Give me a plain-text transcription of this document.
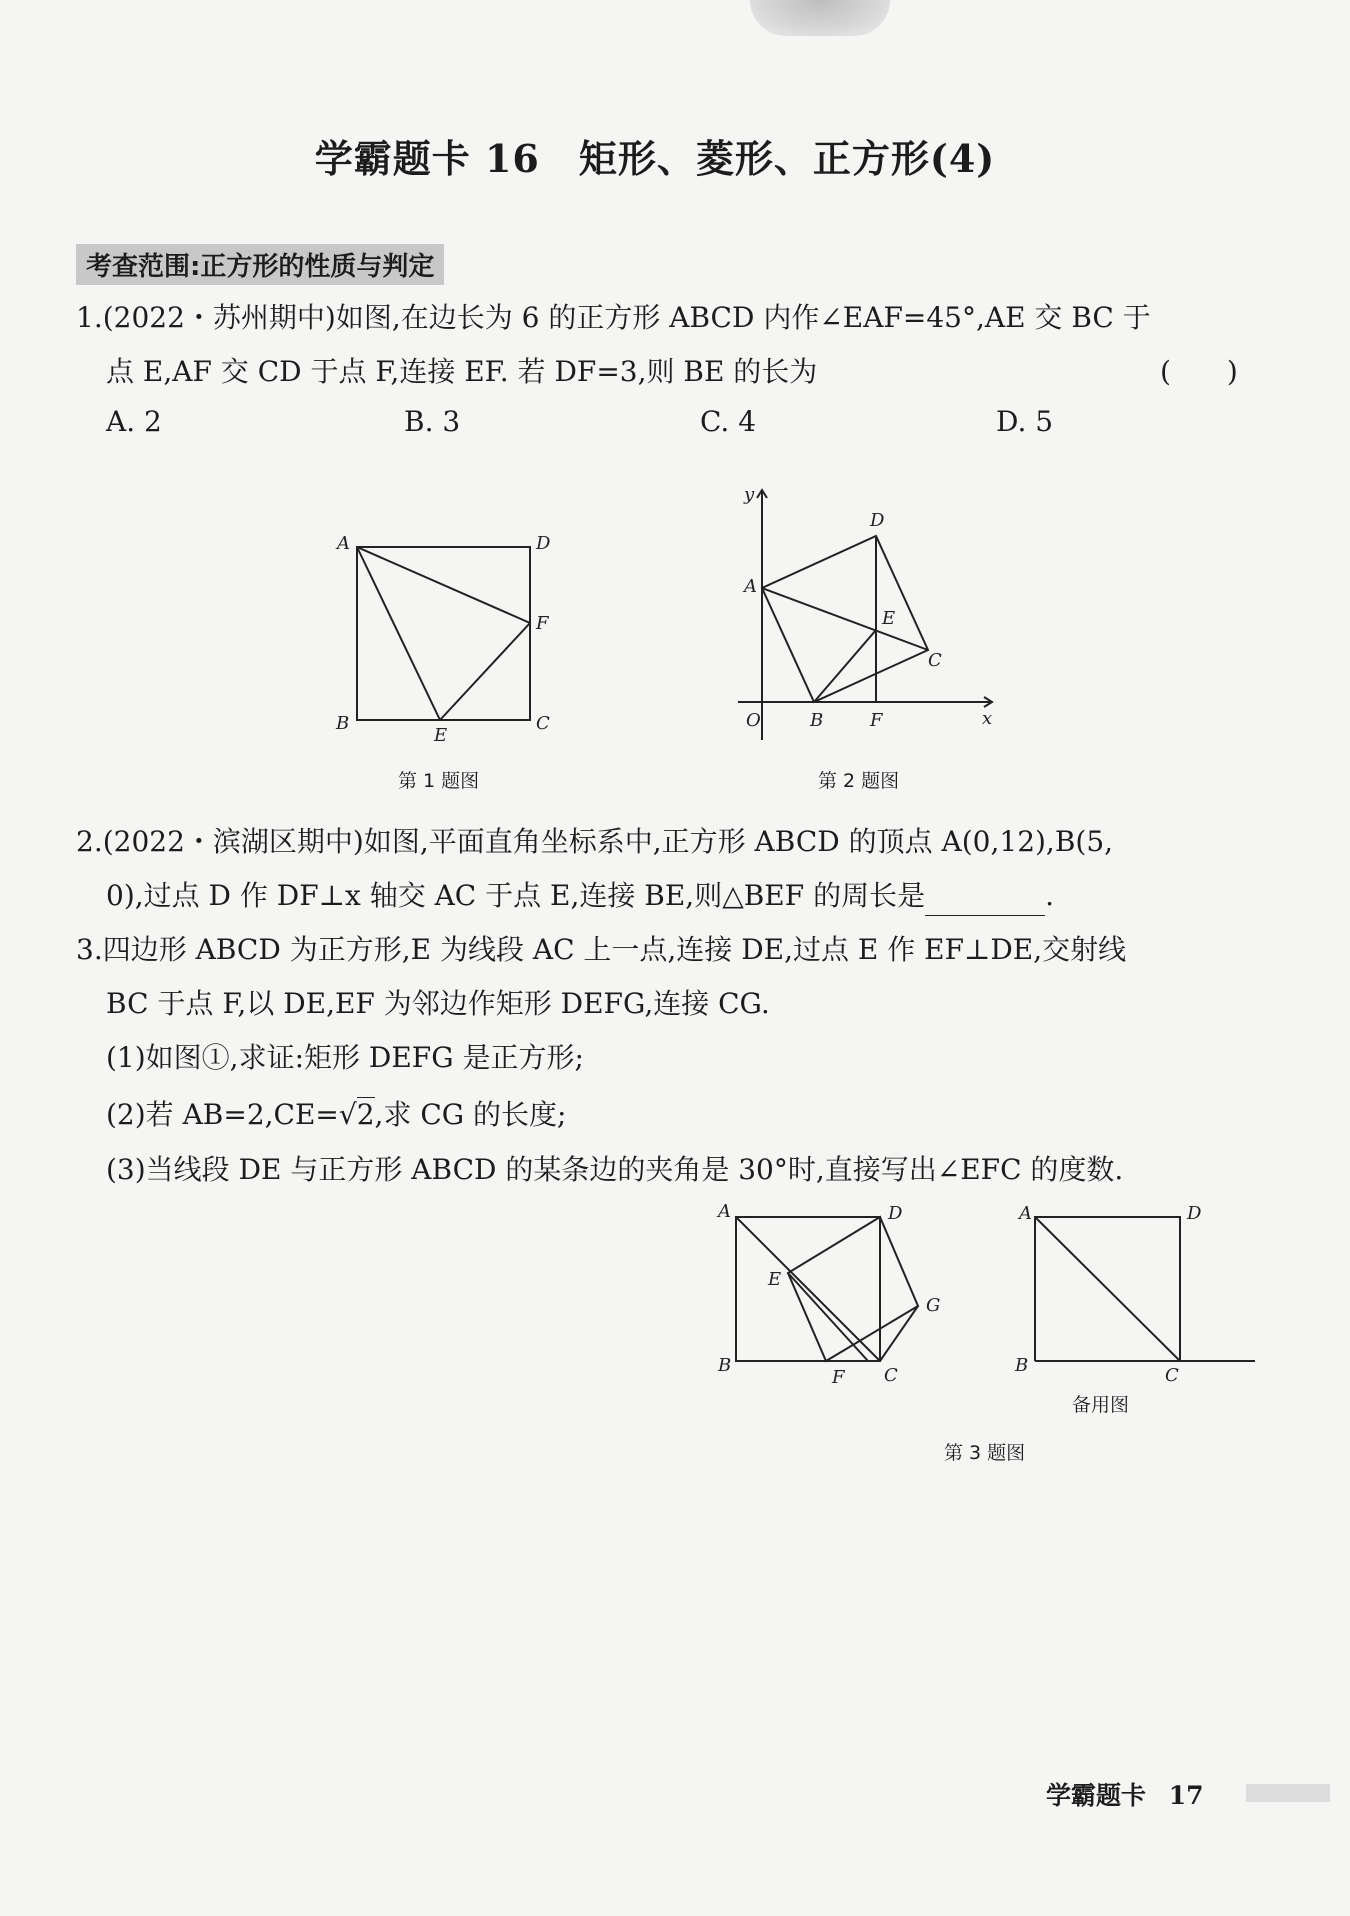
学霸题卡 16　矩形、菱形、正方形(4)
考查范围:正方形的性质与判定
1.(2022・苏州期中)如图,在边长为 6 的正方形 ABCD 内作∠EAF=45°,AE 交 BC 于
点 E,AF 交 CD 于点 F,连接 EF. 若 DF=3,则 BE 的长为	(　　)
A. 2	B. 3	C. 4	D. 5
A	D
B	C
E
F
第 1 题图
y
x
O	B	F
A
D
E
C
第 2 题图
2.(2022・滨湖区期中)如图,平面直角坐标系中,正方形 ABCD 的顶点 A(0,12),B(5,
0),过点 D 作 DF⊥x 轴交 AC 于点 E,连接 BE,则△BEF 的周长是	.
3.四边形 ABCD 为正方形,E 为线段 AC 上一点,连接 DE,过点 E 作 EF⊥DE,交射线
BC 于点 F,以 DE,EF 为邻边作矩形 DEFG,连接 CG.
(1)如图①,求证:矩形 DEFG 是正方形;
(2)若 AB=2,CE=√2,求 CG 的长度;
(3)当线段 DE 与正方形 ABCD 的某条边的夹角是 30°时,直接写出∠EFC 的度数.
A	D
E
G
B
F C
A	D
B	C
备用图
第 3 题图
学霸题卡 17
